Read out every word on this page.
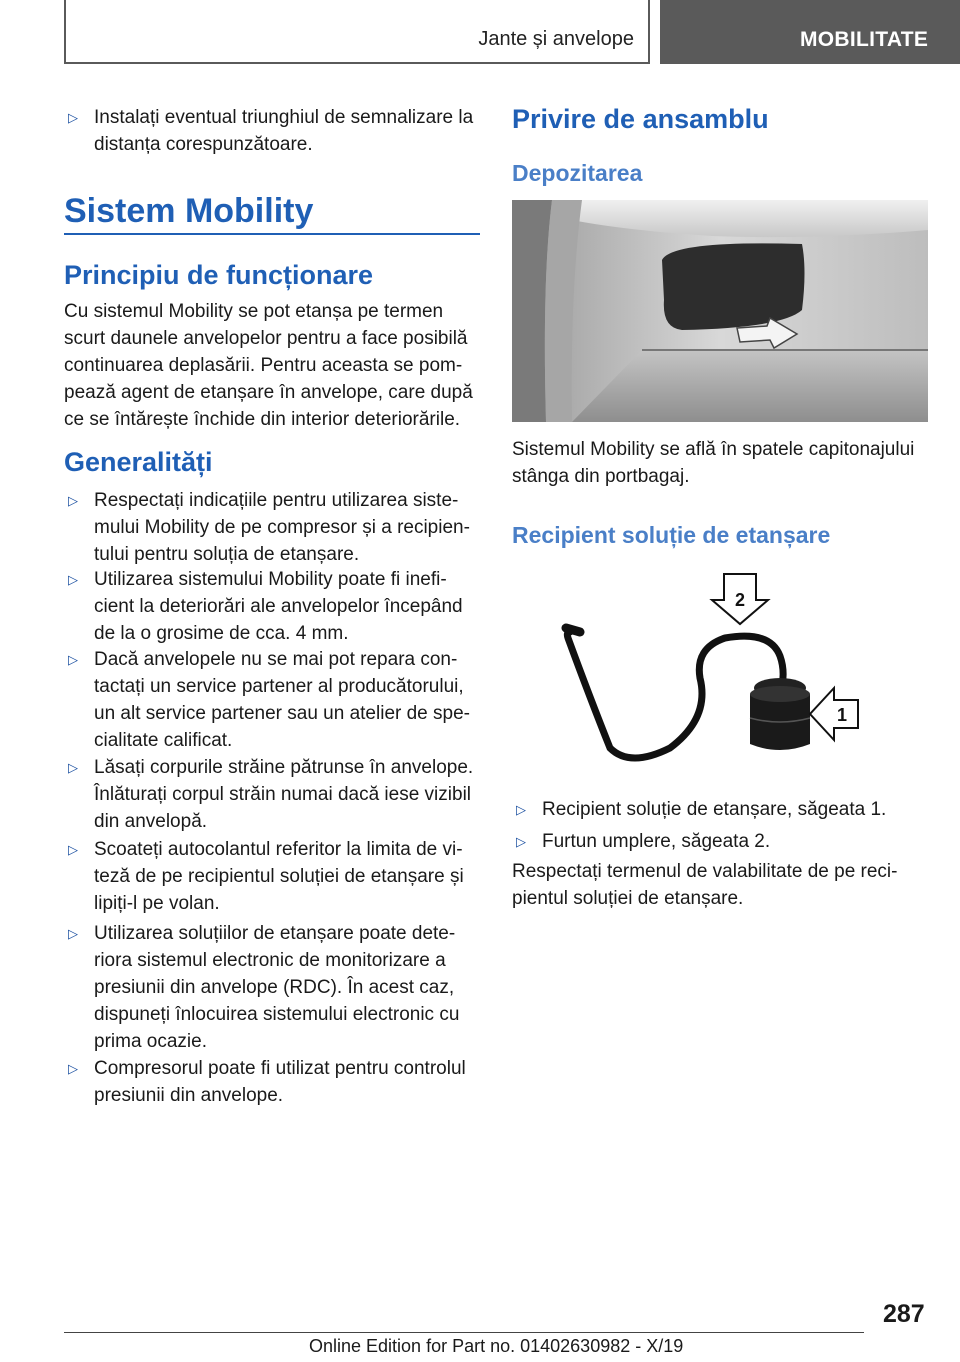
Jante și anvelope	MOBILITATE
▷ Instalați eventual triunghiul de semnalizare la distanța corespunzătoare.
Sistem Mobility
Principiu de funcționare
Cu sistemul Mobility se pot etanșa pe termen scurt daunele anvelopelor pentru a face posibilă continuarea deplasării. Pentru aceasta se pom-pează agent de etanșare în anvelope, care după ce se întărește închide din interior deteriorările.
Generalități
▷ Respectați indicațiile pentru utilizarea siste-mului Mobility de pe compresor și a recipien-tului pentru soluția de etanșare.
▷ Utilizarea sistemului Mobility poate fi inefi-cient la deteriorări ale anvelopelor începând de la o grosime de cca. 4 mm.
▷ Dacă anvelopele nu se mai pot repara con-tactați un service partener al producătorului, un alt service partener sau un atelier de spe-cialitate calificat.
▷ Lăsați corpurile străine pătrunse în anvelope. Înlăturați corpul străin numai dacă iese vizibil din anvelopă.
▷ Scoateți autocolantul referitor la limita de vi-teză de pe recipientul soluției de etanșare și lipiți-l pe volan.
▷ Utilizarea soluțiilor de etanșare poate dete-riora sistemul electronic de monitorizare a presiunii din anvelope (RDC). În acest caz, dispuneți înlocuirea sistemului electronic cu prima ocazie.
▷ Compresorul poate fi utilizat pentru controlul presiunii din anvelope.
Privire de ansamblu
Depozitarea
Sistemul Mobility se află în spatele capitonajului stânga din portbagaj.
Recipient soluție de etanșare
2
1
▷ Recipient soluție de etanșare, săgeata 1.
▷ Furtun umplere, săgeata 2.
Respectați termenul de valabilitate de pe reci-pientul soluției de etanșare.
287
Online Edition for Part no. 01402630982 - X/19
